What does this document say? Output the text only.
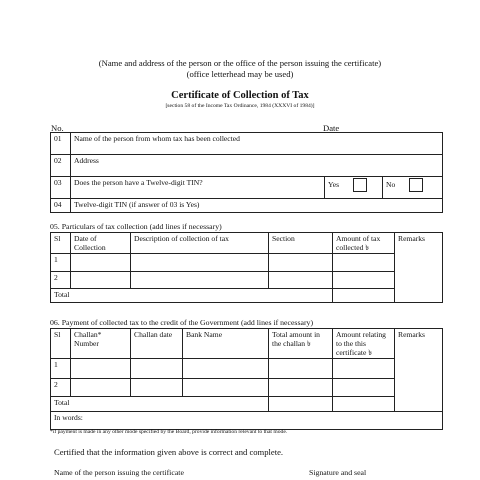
(Name and address of the person or the office of the person issuing the certificate)
(office letterhead may be used)
Certificate of Collection of Tax
[section 58 of the Income Tax Ordinance, 1984 (XXXVI of 1984)]
No.	Date
01	Name of the person from whom tax has been collected		
02	Address		
03	Does the person have a Twelve-digit TIN?	Yes	No
04	Twelve-digit TIN (if answer of 03 is Yes)		
05. Particulars of tax collection (add lines if necessary)
Sl	Date of Collection	Description of collection of tax	Section	Amount of tax collected ৳	Remarks
1					
2					
Total					
06. Payment of collected tax to the credit of the Government (add lines if necessary)
Sl	Challan* Number	Challan date	Bank Name	Total amount in the challan ৳	Amount relating to the this certificate ৳	Remarks
1						
2						
Total						
In words:						
*if payment is made in any other mode specified by the Board, provide information relevant to that mode.
Certified that the information given above is correct and complete.
Name of the person issuing the certificate	Signature and seal
